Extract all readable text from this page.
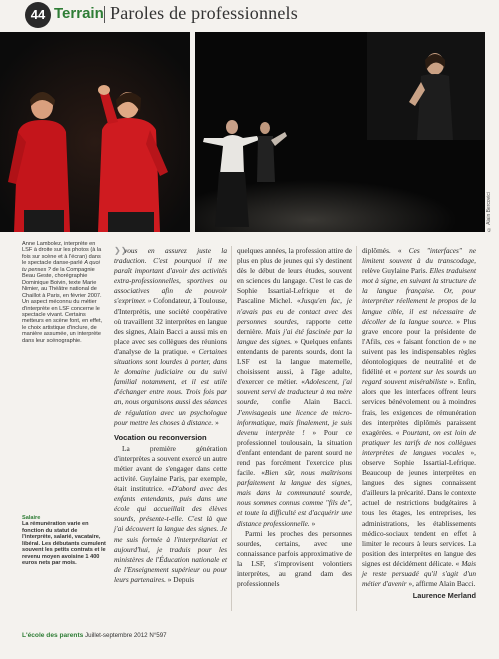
44 Terrain Paroles de professionnels
© Alain Bercovici
Anne Lambolez, interprète en LSF à droite sur les photos (à la fois sur scène et à l'écran) dans le spectacle danse-parlé A quoi tu penses ? de la Compagnie Beau Geste, chorégraphie Dominique Boivin, texte Marie Nimier, au Théâtre national de Chaillot à Paris, en février 2007. Un aspect méconnu du métier d'interprète en LSF concerne le spectacle vivant. Certains metteurs en scène font, en effet, le choix artistique d'inclure, de manière assumée, un interprète dans leur scénographie.
Salaire
La rémunération varie en fonction du statut de l'interprète, salarié, vacataire, libéral. Les débutants cumulent souvent les petits contrats et le revenu moyen avoisine 1 400 euros nets par mois.

❯❯vous en assurez juste la traduction. C'est pourquoi il me paraît important d'avoir des activités extra-professionnelles, sportives ou associatives afin de pouvoir s'exprimer. » Cofondateur, à Toulouse, d'Interprétis, une société coopérative où travaillent 32 interprètes en langue des signes, Alain Bacci a aussi mis en place avec ses collègues des réunions d'analyse de la pratique. « Certaines situations sont lourdes à porter, dans le domaine judiciaire ou du suivi familial notamment, et il est utile d'échanger entre nous. Trois fois par an, nous organisons aussi des séances de régulation avec un psychologue pour mettre les choses à distance. »

Vocation ou reconversion

La première génération d'interprètes a souvent exercé un autre métier avant de s'engager dans cette activité. Guylaine Paris, par exemple, était institutrice. «D'abord avec des enfants entendants, puis dans une école qui accueillait des élèves sourds, présente-t-elle. C'est là que j'ai découvert la langue des signes. Je me suis formée à l'interprétariat et aujourd'hui, je traduis pour les ministères de l'Éducation nationale et de l'Enseignement supérieur ou pour leurs partenaires. » Depuis

quelques années, la profession attire de plus en plus de jeunes qui s'y destinent dès le début de leurs études, souvent en sciences du langage. C'est le cas de Sophie Issartial-Lefrique et de Pascaline Michel. «Jusqu'en fac, je n'avais pas eu de contact avec des personnes sourdes, rapporte cette dernière. Mais j'ai été fascinée par la langue des signes. » Quelques enfants entendants de parents sourds, dont la LSF est la langue maternelle, choisissent aussi, à l'âge adulte, d'exercer ce métier. «Adolescent, j'ai souvent servi de traducteur à ma mère sourde, confie Alain Bacci. J'envisageais une licence de micro-informatique, mais finalement, je suis devenu interprète ! » Pour ce professionnel toulousain, la situation d'enfant entendant de parent sourd ne rend pas forcément l'exercice plus facile. «Bien sûr, nous maîtrisons parfaitement la langue des signes, mais dans la communauté sourde, nous sommes connus comme "fils de", et toute la difficulté est d'acquérir une distance professionnelle. »

Parmi les proches des personnes sourdes, certains, avec une connaissance parfois approximative de la LSF, s'improvisent volontiers interprètes, au grand dam des professionnels

diplômés. « Ces "interfaces" ne limitent souvent à du transcodage, relève Guylaine Paris. Elles traduisent mot à signe, en suivant la structure de la langue française. Or, pour interpréter réellement le propos de la langue cible, il est nécessaire de décoller de la langue source. » Plus grave encore pour la présidente de l'Afils, ces « faisant fonction de » ne suivent pas les indispensables règles déontologiques de neutralité et de fidélité et « portent sur les sourds un regard souvent misérabiliste ». Enfin, alors que les interfaces offrent leurs services bénévolement ou à moindres frais, les exigences de rémunération des interprètes diplômés paraissent exagérées. « Pourtant, on est loin de pratiquer les tarifs de nos collègues interprètes de langues vocales », observe Sophie Issartial-Lefrique. Beaucoup de jeunes interprètes en langues des signes connaissent d'ailleurs la précarité. Dans le contexte actuel de restrictions budgétaires à tous les étages, les entreprises, les administrations, les établissements médico-sociaux tendent en effet à limiter le recours à leurs services. La position des interprètes en langue des signes est décidément délicate. « Mais je reste persuadé qu'il s'agit d'un métier d'avenir », affirme Alain Bacci.

Laurence Merland
L'école des parents Juillet-septembre 2012 N°597
